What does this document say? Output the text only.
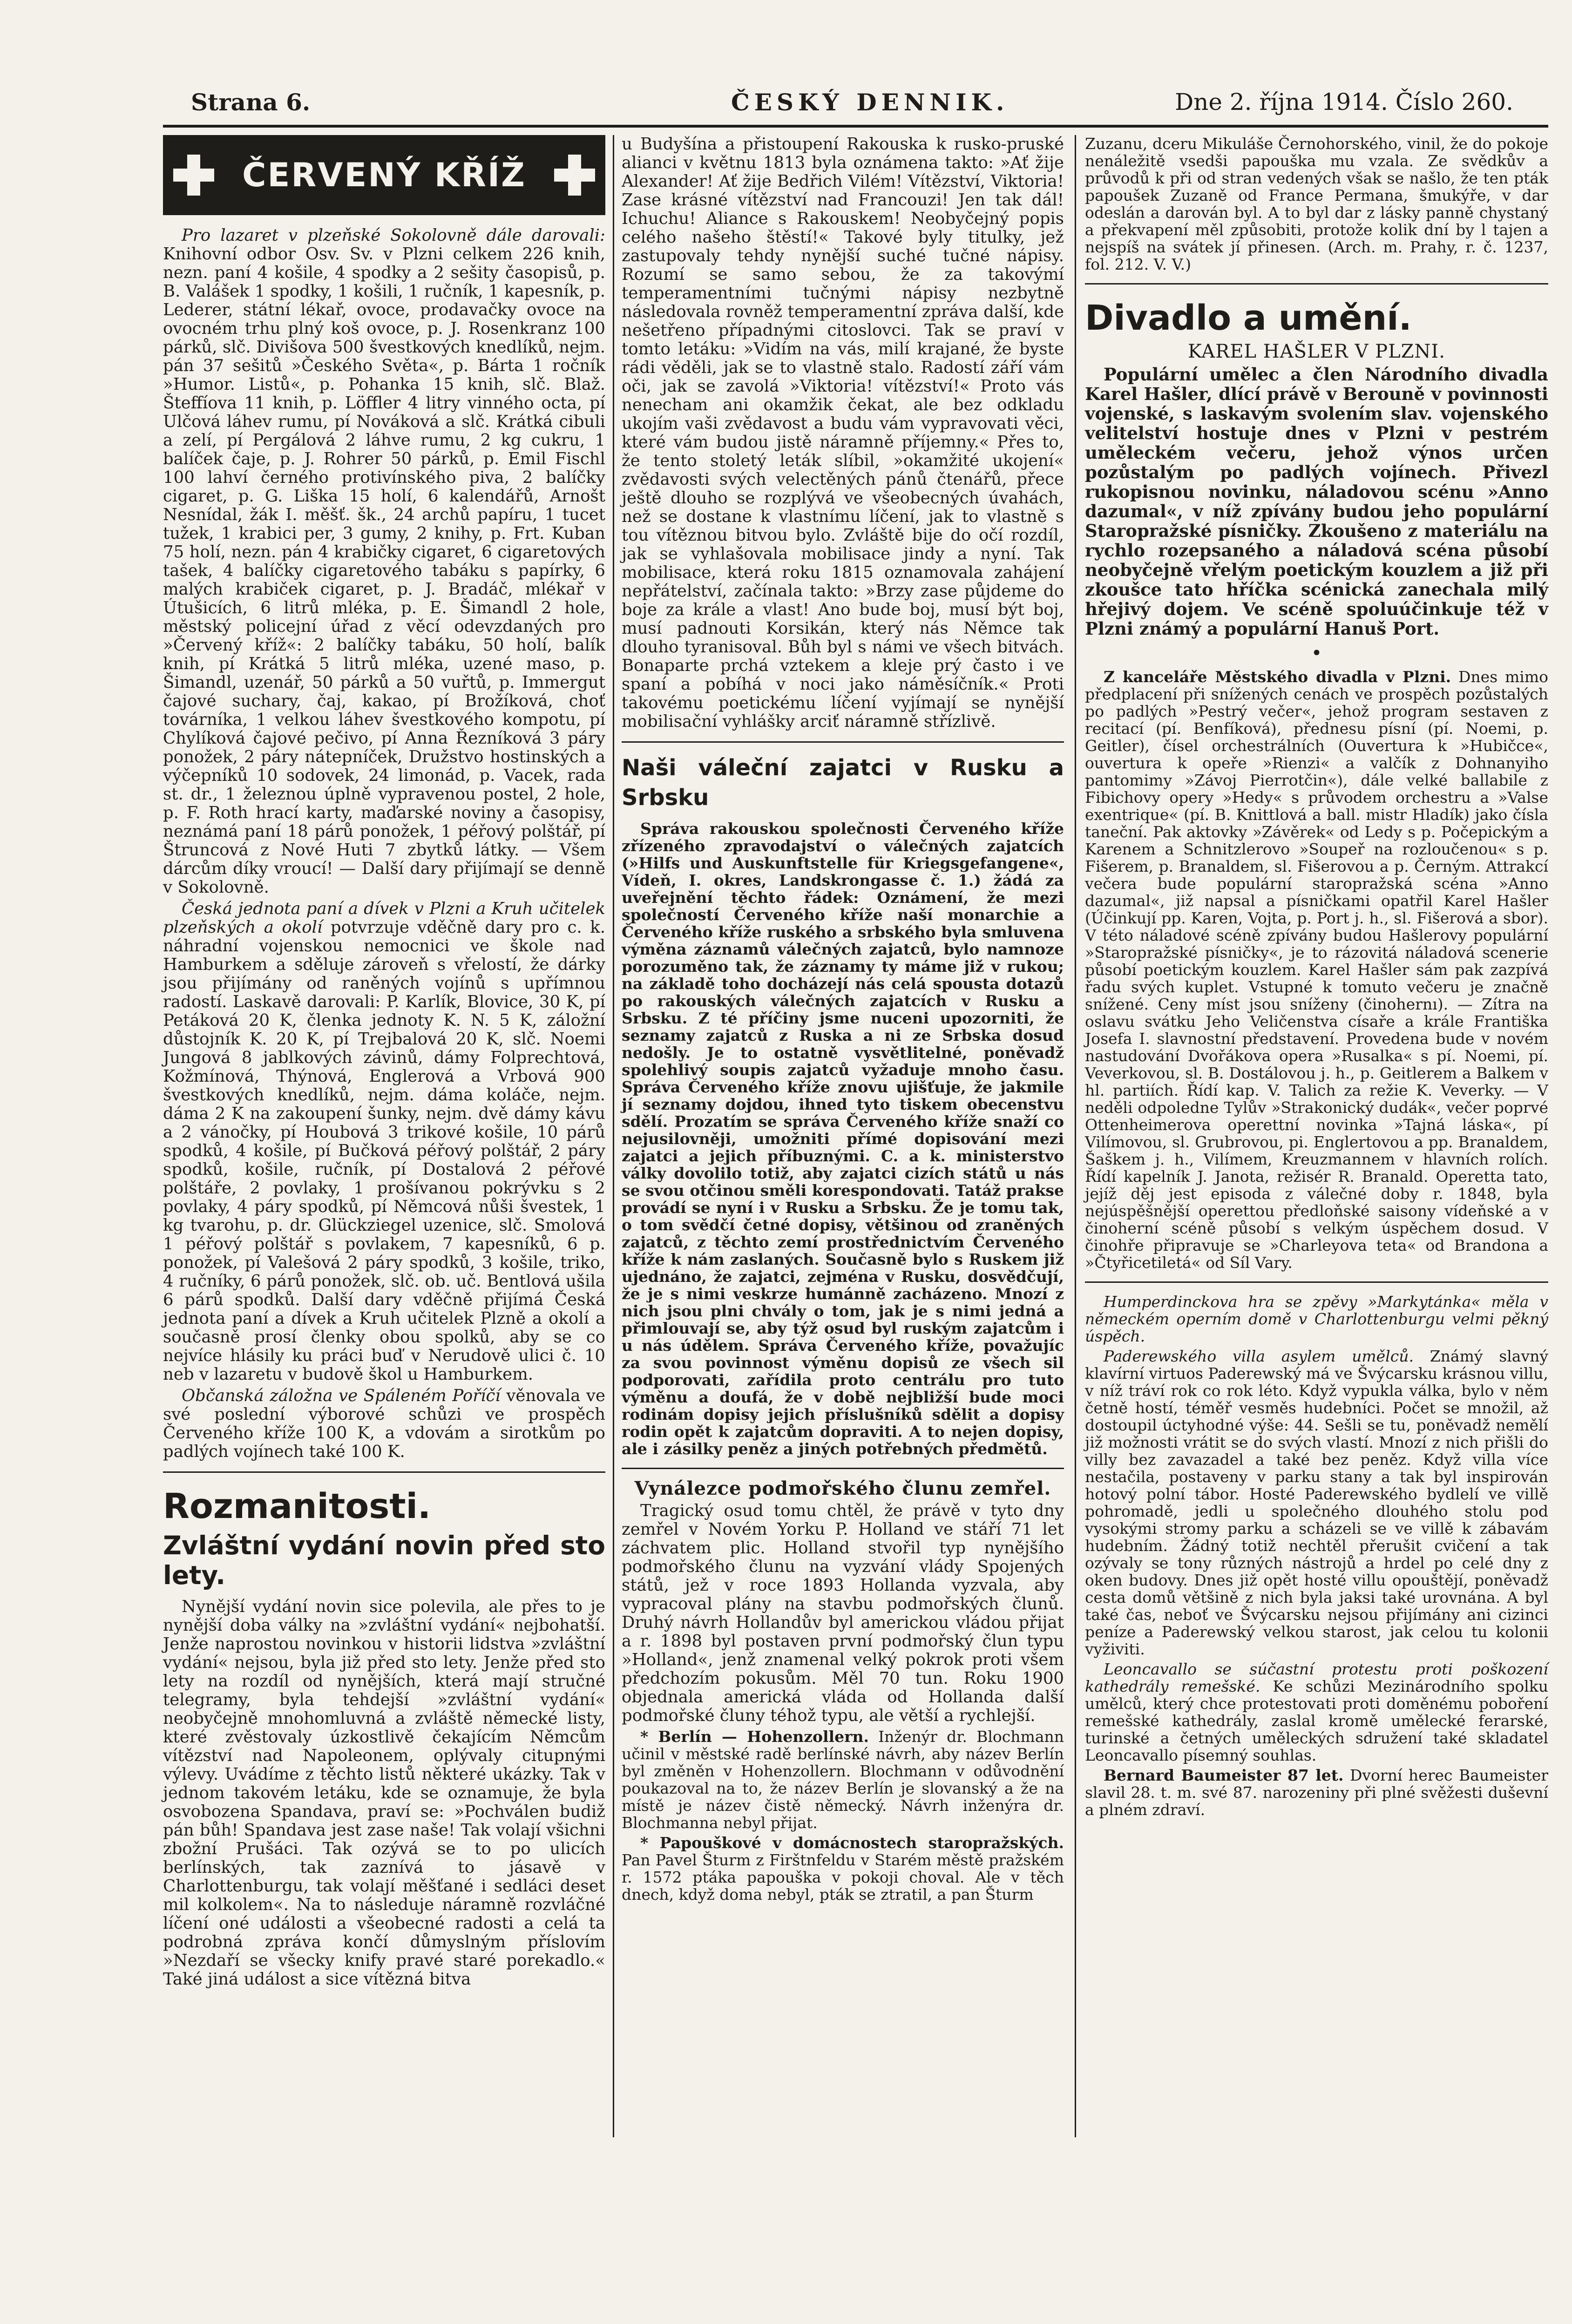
Strana 6.	ČESKÝ DENNIK.	Dne 2. října 1914. Číslo 260.
ČERVENÝ KŘÍŽ

Pro lazaret v plzeňské Sokolovně dále darovali: Knihovní odbor Osv. Sv. v Plzni celkem 226 knih, nezn. paní 4 košile, 4 spodky a 2 sešity časopisů, p. B. Valášek 1 spodky, 1 košili, 1 ručník, 1 kapesník, p. Lederer, státní lékař, ovoce, prodavačky ovoce na ovocném trhu plný koš ovoce, p. J. Rosenkranz 100 párků, slč. Divišova 500 švestkových knedlíků, nejm. pán 37 sešitů »Českého Světa«, p. Bárta 1 ročník »Humor. Listů«, p. Pohanka 15 knih, slč. Blaž. Šteffíova 11 knih, p. Löffler 4 litry vinného octa, pí Ulčová láhev rumu, pí Nováková a slč. Krátká cibuli a zelí, pí Pergálová 2 láhve rumu, 2 kg cukru, 1 balíček čaje, p. J. Rohrer 50 párků, p. Emil Fischl 100 lahví černého protivínského piva, 2 balíčky cigaret, p. G. Liška 15 holí, 6 kalendářů, Arnošt Nesnídal, žák I. měšť. šk., 24 archů papíru, 1 tucet tužek, 1 krabici per, 3 gumy, 2 knihy, p. Frt. Kuban 75 holí, nezn. pán 4 krabičky cigaret, 6 cigaretových tašek, 4 balíčky cigaretového tabáku s papírky, 6 malých krabiček cigaret, p. J. Bradáč, mlékař v Útušicích, 6 litrů mléka, p. E. Šimandl 2 hole, městský policejní úřad z věcí odevzdaných pro »Červený kříž«: 2 balíčky tabáku, 50 holí, balík knih, pí Krátká 5 litrů mléka, uzené maso, p. Šimandl, uzenář, 50 párků a 50 vuřtů, p. Immergut čajové suchary, čaj, kakao, pí Brožíková, choť továrníka, 1 velkou láhev švestkového kompotu, pí Chylíková čajové pečivo, pí Anna Řezníková 3 páry ponožek, 2 páry nátepníček, Družstvo hostinských a výčepníků 10 sodovek, 24 limonád, p. Vacek, rada st. dr., 1 železnou úplně vypravenou postel, 2 hole, p. F. Roth hrací karty, maďarské noviny a časopisy, neznámá paní 18 párů ponožek, 1 péřový polštář, pí Štruncová z Nové Huti 7 zbytků látky. — Všem dárcům díky vroucí! — Další dary přijímají se denně v Sokolovně.

Česká jednota paní a dívek v Plzni a Kruh učitelek plzeňských a okolí potvrzuje vděčně dary pro c. k. náhradní vojenskou nemocnici ve škole nad Hamburkem a sděluje zároveň s vřelostí, že dárky jsou přijímány od raněných vojínů s upřímnou radostí. Laskavě darovali: P. Karlík, Blovice, 30 K, pí Petáková 20 K, členka jednoty K. N. 5 K, záložní důstojník K. 20 K, pí Trejbalová 20 K, slč. Noemi Jungová 8 jablkových závinů, dámy Folprechtová, Kožmínová, Thýnová, Englerová a Vrbová 900 švestkových knedlíků, nejm. dáma koláče, nejm. dáma 2 K na zakoupení šunky, nejm. dvě dámy kávu a 2 vánočky, pí Houbová 3 trikové košile, 10 párů spodků, 4 košile, pí Bučková péřový polštář, 2 páry spodků, košile, ručník, pí Dostalová 2 péřové polštáře, 2 povlaky, 1 prošívanou pokrývku s 2 povlaky, 4 páry spodků, pí Němcová nůši švestek, 1 kg tvarohu, p. dr. Glückziegel uzenice, slč. Smolová 1 péřový polštář s povlakem, 7 kapesníků, 6 p. ponožek, pí Valešová 2 páry spodků, 3 košile, triko, 4 ručníky, 6 párů ponožek, slč. ob. uč. Bentlová ušila 6 párů spodků. Další dary vděčně přijímá Česká jednota paní a dívek a Kruh učitelek Plzně a okolí a současně prosí členky obou spolků, aby se co nejvíce hlásily ku práci buď v Nerudově ulici č. 10 neb v lazaretu v budově škol u Hamburkem.

Občanská záložna ve Spáleném Poříčí věnovala ve své poslední výborové schůzi ve prospěch Červeného kříže 100 K, a vdovám a sirotkům po padlých vojínech také 100 K.

Rozmanitosti.
Zvláštní vydání novin před sto lety.

Nynější vydání novin sice polevila, ale přes to je nynější doba války na »zvláštní vydání« nejbohatší. Jenže naprostou novinkou v historii lidstva »zvláštní vydání« nejsou, byla již před sto lety. Jenže před sto lety na rozdíl od nynějších, která mají stručné telegramy, byla tehdejší »zvláštní vydání« neobyčejně mnohomluvná a zvláště německé listy, které zvěstovaly úzkostlivě čekajícím Němcům vítězství nad Napoleonem, oplývaly citupnými výlevy. Uvádíme z těchto listů některé ukázky. Tak v jednom takovém letáku, kde se oznamuje, že byla osvobozena Spandava, praví se: »Pochválen budiž pán bůh! Spandava jest zase naše! Tak volají všichni zbožní Prušáci. Tak ozývá se to po ulicích berlínských, tak zaznívá to jásavě v Charlottenburgu, tak volají měšťané i sedláci deset mil kolkolem«. Na to následuje náramně rozvláčné líčení oné události a všeobecné radosti a celá ta podrobná zpráva končí důmyslným příslovím »Nezdaří se všecky knify pravé staré porekadlo.« Také jiná událost a sice vítězná bitva

u Budyšína a přistoupení Rakouska k rusko-pruské alianci v květnu 1813 byla oznámena takto: »Ať žije Alexander! Ať žije Bedřich Vilém! Vítězství, Viktoria! Zase krásné vítězství nad Francouzi! Jen tak dál! Ichuchu! Aliance s Rakouskem! Neobyčejný popis celého našeho štěstí!« Takové byly titulky, jež zastupovaly tehdy nynější suché tučné nápisy. Rozumí se samo sebou, že za takovýmí temperamentními tučnými nápisy nezbytně následovala rovněž temperamentní zpráva další, kde nešetřeno případnými citoslovci. Tak se praví v tomto letáku: »Vidím na vás, milí krajané, že byste rádi věděli, jak se to vlastně stalo. Radostí září vám oči, jak se zavolá »Viktoria! vítězství!« Proto vás nenecham ani okamžik čekat, ale bez odkladu ukojím vaši zvědavost a budu vám vypravovati věci, které vám budou jistě náramně příjemny.« Přes to, že tento stoletý leták slíbil, »okamžité ukojení« zvědavosti svých velectěných pánů čtenářů, přece ještě dlouho se rozplývá ve všeobecných úvahách, než se dostane k vlastnímu líčení, jak to vlastně s tou vítěznou bitvou bylo. Zvláště bije do očí rozdíl, jak se vyhlašovala mobilisace jindy a nyní. Tak mobilisace, která roku 1815 oznamovala zahájení nepřátelství, začínala takto: »Brzy zase půjdeme do boje za krále a vlast! Ano bude boj, musí být boj, musí padnouti Korsikán, který nás Němce tak dlouho tyranisoval. Bůh byl s námi ve všech bitvách. Bonaparte prchá vztekem a kleje prý často i ve spaní a pobíhá v noci jako náměsíčník.« Proti takovému poetickému líčení vyjímají se nynější mobilisační vyhlášky arciť náramně střízlivě.

Naši váleční zajatci v Rusku a Srbsku

Správa rakouskou společnosti Červeného kříže zřízeného zpravodajství o válečných zajatcích (»Hilfs und Auskunftstelle für Kriegsgefangene«, Vídeň, I. okres, Landskrongasse č. 1.) žádá za uveřejnění těchto řádek: Oznámení, že mezi společností Červeného kříže naší monarchie a Červeného kříže ruského a srbského byla smluvena výměna záznamů válečných zajatců, bylo namnoze porozuměno tak, že záznamy ty máme již v rukou; na základě toho docházejí nás celá spousta dotazů po rakouských válečných zajatcích v Rusku a Srbsku. Z té příčiny jsme nuceni upozorniti, že seznamy zajatců z Ruska a ni ze Srbska dosud nedošly. Je to ostatně vysvětlitelné, poněvadž spolehlivý soupis zajatců vyžaduje mnoho času. Správa Červeného kříže znovu ujišťuje, že jakmile jí seznamy dojdou, ihned tyto tiskem obecenstvu sdělí. Prozatím se správa Červeného kříže snaží co nejusilovněji, umožniti přímé dopisování mezi zajatci a jejich příbuznými. C. a k. ministerstvo války dovolilo totiž, aby zajatci cizích států u nás se svou otčinou směli korespondovati. Tatáž prakse provádí se nyní i v Rusku a Srbsku. Že je tomu tak, o tom svědčí četné dopisy, většinou od zraněných zajatců, z těchto zemí prostřednictvím Červeného kříže k nám zaslaných. Současně bylo s Ruskem již ujednáno, že zajatci, zejména v Rusku, dosvědčují, že je s nimi veskrze humánně zacházeno. Mnozí z nich jsou plni chvály o tom, jak je s nimi jedná a přimlouvají se, aby týž osud byl ruským zajatcům i u nás údělem. Správa Červeného kříže, považujíc za svou povinnost výměnu dopisů ze všech sil podporovati, zařídila proto centrálu pro tuto výměnu a doufá, že v době nejbližší bude moci rodinám dopisy jejich příslušníků sdělit a dopisy rodin opět k zajatcům dopraviti. A to nejen dopisy, ale i zásilky peněz a jiných potřebných předmětů.

Vynálezce podmořského člunu zemřel.

Tragický osud tomu chtěl, že právě v tyto dny zemřel v Novém Yorku P. Holland ve stáří 71 let záchvatem plic. Holland stvořil typ nynějšího podmořského člunu na vyzvání vlády Spojených států, jež v roce 1893 Hollanda vyzvala, aby vypracoval plány na stavbu podmořských člunů. Druhý návrh Hollandův byl americkou vládou přijat a r. 1898 byl postaven první podmořský člun typu »Holland«, jenž znamenal velký pokrok proti všem předchozím pokusům. Měl 70 tun. Roku 1900 objednala americká vláda od Hollanda další podmořské čluny téhož typu, ale větší a rychlejší.

* Berlín — Hohenzollern. Inženýr dr. Blochmann učinil v městské radě berlínské návrh, aby název Berlín byl změněn v Hohenzollern. Blochmann v odůvodnění poukazoval na to, že název Berlín je slovanský a že na místě je název čistě německý. Návrh inženýra dr. Blochmanna nebyl přijat.

* Papouškové v domácnostech staropražských. Pan Pavel Šturm z Firštnfeldu v Starém městě pražském r. 1572 ptáka papouška v pokoji choval. Ale v těch dnech, když doma nebyl, pták se ztratil, a pan Šturm

Zuzanu, dceru Mikuláše Černohorského, vinil, že do pokoje nenáležitě vsedši papouška mu vzala. Ze svědkův a průvodů k při od stran vedených však se našlo, že ten pták papoušek Zuzaně od France Permana, šmukýře, v dar odeslán a darován byl. A to byl dar z lásky panně chystaný a překvapení měl způsobiti, protože kolik dní by l tajen a nejspíš na svátek jí přinesen. (Arch. m. Prahy, r. č. 1237, fol. 212. V. V.)

Divadlo a umění.
KAREL HAŠLER V PLZNI.

Populární umělec a člen Národního divadla Karel Hašler, dlící právě v Berouně v povinnosti vojenské, s laskavým svolením slav. vojenského velitelství hostuje dnes v Plzni v pestrém uměleckém večeru, jehož výnos určen pozůstalým po padlých vojínech. Přivezl rukopisnou novinku, náladovou scénu »Anno dazumal«, v níž zpívány budou jeho populární Staropražské písničky. Zkoušeno z materiálu na rychlo rozepsaného a náladová scéna působí neobyčejně vřelým poetickým kouzlem a již při zkoušce tato hříčka scénická zanechala milý hřejivý dojem. Ve scéně spoluúčinkuje též v Plzni známý a populární Hanuš Port.

•

Z kanceláře Městského divadla v Plzni. Dnes mimo předplacení při snížených cenách ve prospěch pozůstalých po padlých »Pestrý večer«, jehož program sestaven z recitací (pí. Benfíková), přednesu písní (pí. Noemi, p. Geitler), čísel orchestrálních (Ouvertura k »Hubičce«, ouvertura k opeře »Rienzi« a valčík z Dohnanyiho pantomimy »Závoj Pierrotčin«), dále velké ballabile z Fibichovy opery »Hedy« s průvodem orchestru a »Valse exentrique« (pí. B. Knittlová a ball. mistr Hladík) jako čísla taneční. Pak aktovky »Závěrek« od Ledy s p. Počepickým a Karenem a Schnitzlerovo »Soupeř na rozloučenou« s p. Fišerem, p. Branaldem, sl. Fišerovou a p. Černým. Attrakcí večera bude populární staropražská scéna »Anno dazumal«, již napsal a písničkami opatřil Karel Hašler (Účinkují pp. Karen, Vojta, p. Port j. h., sl. Fišerová a sbor). V této náladové scéně zpívány budou Hašlerovy populární »Staropražské písničky«, je to rázovitá náladová scenerie působí poetickým kouzlem. Karel Hašler sám pak zazpívá řadu svých kuplet. Vstupné k tomuto večeru je značně snížené. Ceny míst jsou sníženy (činohernı). — Zítra na oslavu svátku Jeho Veličenstva císaře a krále Františka Josefa I. slavnostní představení. Provedena bude v novém nastudování Dvořákova opera »Rusalka« s pí. Noemi, pí. Veverkovou, sl. B. Dostálovou j. h., p. Geitlerem a Balkem v hl. partiích. Řídí kap. V. Talich za režie K. Veverky. — V neděli odpoledne Tylův »Strakonický dudák«, večer poprvé Ottenheimerova operettní novinka »Tajná láska«, pí Vilímovou, sl. Grubrovou, pi. Englertovou a pp. Branaldem, Šaškem j. h., Vilímem, Kreuzmannem v hlavních rolích. Řídí kapelník J. Janota, režisér R. Branald. Operetta tato, jejíž děj jest episoda z válečné doby r. 1848, byla nejúspěšnější operettou předloňské saisony vídeňské a v činoherní scéně působí s velkým úspěchem dosud. V činohře připravuje se »Charleyova teta« od Brandona a »Čtyřicetiletá« od Síl Vary.

Humperdinckova hra se zpěvy »Markytánka« měla v německém operním domě v Charlottenburgu velmi pěkný úspěch.

Paderewského villa asylem umělců. Známý slavný klavírní virtuos Paderewský má ve Švýcarsku krásnou villu, v níž tráví rok co rok léto. Když vypukla válka, bylo v něm četně hostí, téměř vesměs hudebníci. Počet se množil, až dostoupil úctyhodné výše: 44. Sešli se tu, poněvadž nemělí již možnosti vrátit se do svých vlastí. Mnozí z nich přišli do villy bez zavazadel a také bez peněz. Když villa více nestačila, postaveny v parku stany a tak byl inspirován hotový polní tábor. Hosté Paderewského bydlelí ve villě pohromadě, jedli u společného dlouhého stolu pod vysokými stromy parku a scházeli se ve villě k zábavám hudebním. Žádný totiž nechtěl přerušit cvičení a tak ozývaly se tony různých nástrojů a hrdel po celé dny z oken budovy. Dnes již opět hosté villu opouštějí, poněvadž cesta domů většině z nich byla jaksi také urovnána. A byl také čas, neboť ve Švýcarsku nejsou přijímány ani cizinci peníze a Paderewský velkou starost, jak celou tu kolonii vyživiti.

Leoncavallo se súčastní protestu proti poškození kathedrály remešské. Ke schůzi Mezinárodního spolku umělců, který chce protestovati proti doměnému poboření remešské kathedrály, zaslal kromě umělecké ferarské, turinské a četných uměleckých sdružení také skladatel Leoncavallo písemný souhlas.

Bernard Baumeister 87 let. Dvorní herec Baumeister slavil 28. t. m. své 87. narozeniny při plné svěžesti duševní a plném zdraví.
